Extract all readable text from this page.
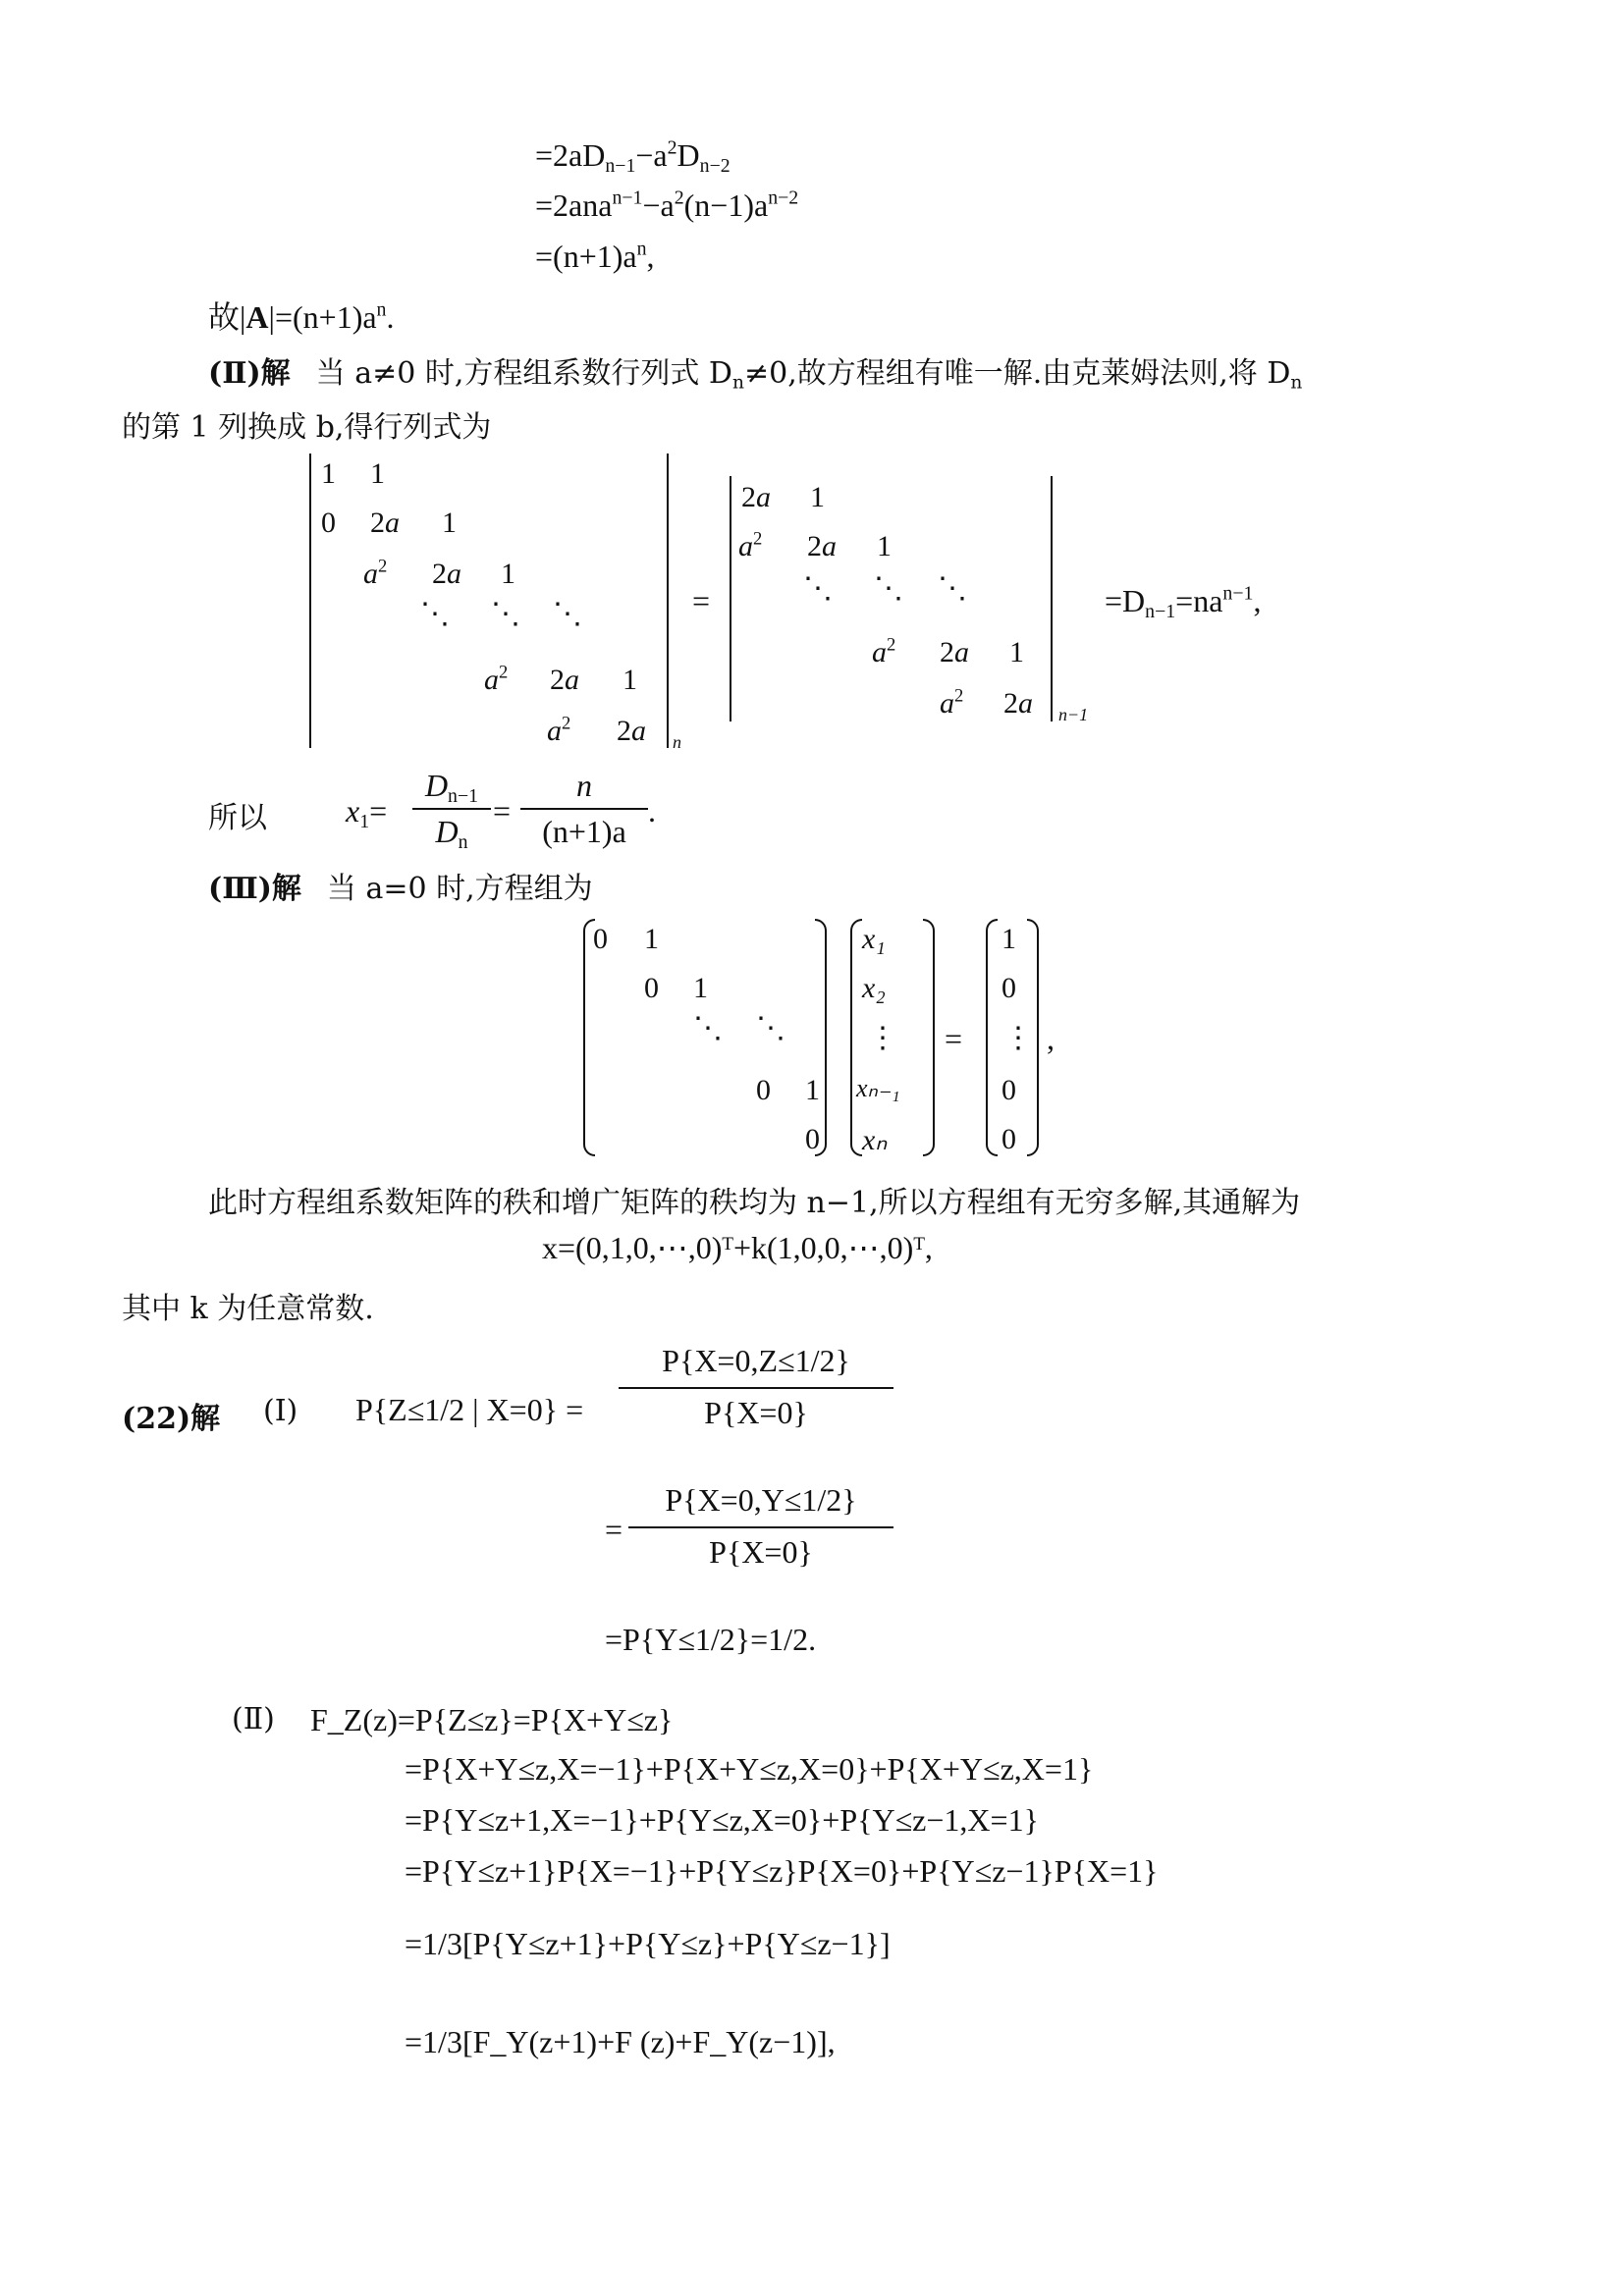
$=2aD_{n-1}-a^2D_{n-2}$
$=2ana^{n-1}-a^2(n-1)a^{n-2}$
$=(n+1)a^n$,
故$|A|=(n+1)a^n$.
(Ⅱ)解 当 a≠0 时,方程组系数行列式 $D_n\ne 0$,故方程组有唯一解.由克莱姆法则,将 $D_n$
的第 1 列换成 b,得行列式为
1 1
0 2a 1
$a^2$ 2a 1
⋱ ⋱ ⋱
$a^2$ 2a 1
$a^2$ 2a n
=
2a 1
$a^2$ 2a 1
⋱ ⋱ ⋱
$a^2$ 2a 1
$a^2$ 2a n−1
$=D_{n-1}=na^{n-1}$,
所以	$x_1=$
$D_{n-1}$
$D_n$
=
n
(n+1)a
.
(Ⅲ)解 当 a=0 时,方程组为
0 1
0 1
⋱ ⋱
0 1
0
x₁
x₂
⋮
xₙ₋₁
xₙ
=
1
0
⋮
0
0
,
此时方程组系数矩阵的秩和增广矩阵的秩均为 n−1,所以方程组有无穷多解,其通解为
x=(0,1,0,⋯,0)ᵀ+k(1,0,0,⋯,0)ᵀ,
其中 k 为任意常数.
(22)解 (Ⅰ) P{Z≤1/2 | $X=0\} = \frac{P\{X=0,Z\le 1/2\}}{P\{X=0\}}$
= $\frac{P\{X=0,Y\le 1/2\}}{P\{X=0\}}$
=P{Y≤1/2}=1/2.
(Ⅱ) F_Z(z)=P{Z≤z}=P{X+Y≤z}
=P{X+Y≤z,X=−1}+P{X+Y≤z,X=0}+P{X+Y≤z,X=1}
=P{Y≤z+1,X=−1}+P{Y≤z,X=0}+P{Y≤z−1,X=1}
=P{Y≤z+1}P{X=−1}+P{Y≤z}P{X=0}+P{Y≤z−1}P{X=1}
=1/3[P{Y≤z+1}+P{Y≤z}+P{Y≤z−1}]
=1/3[F_Y(z+1)+F (z)+F_Y(z−1)],
